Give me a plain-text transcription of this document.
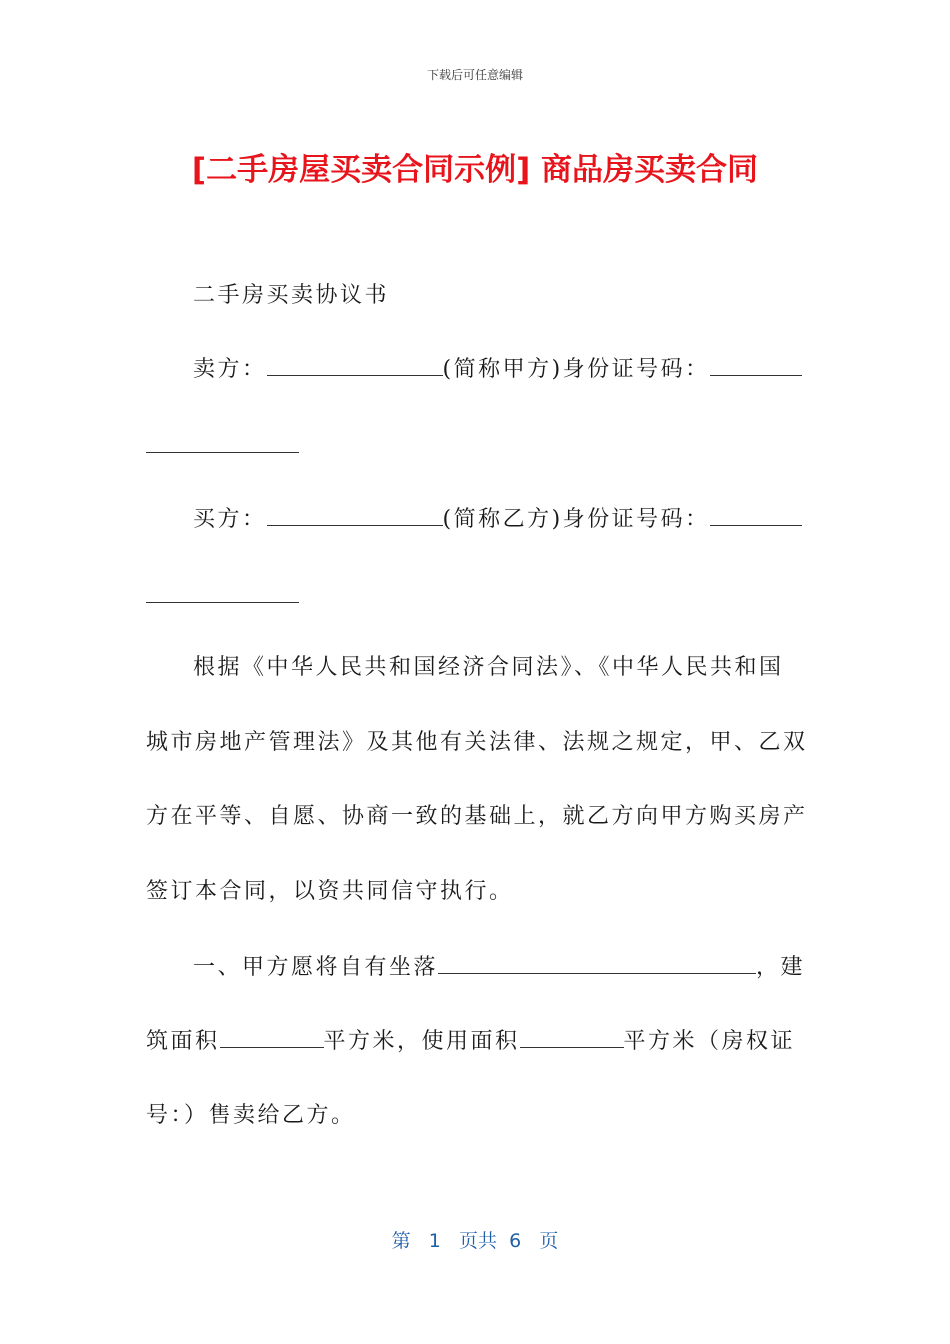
下载后可任意编辑
[二手房屋买卖合同示例] 商品房买卖合同
二手房买卖协议书
卖方：	(简称甲方)身份证号码：
买方：	(简称乙方)身份证号码：
根据《中华人民共和国经济合同法》、《中华人民共和国
城市房地产管理法》及其他有关法律、法规之规定，甲、乙双
方在平等、自愿、协商一致的基础上，就乙方向甲方购买房产
签订本合同，以资共同信守执行。
一、甲方愿将自有坐落	，建
筑面积	平方米，使用面积	平方米（房权证
号：）售卖给乙方。
第 1 页共 6 页
